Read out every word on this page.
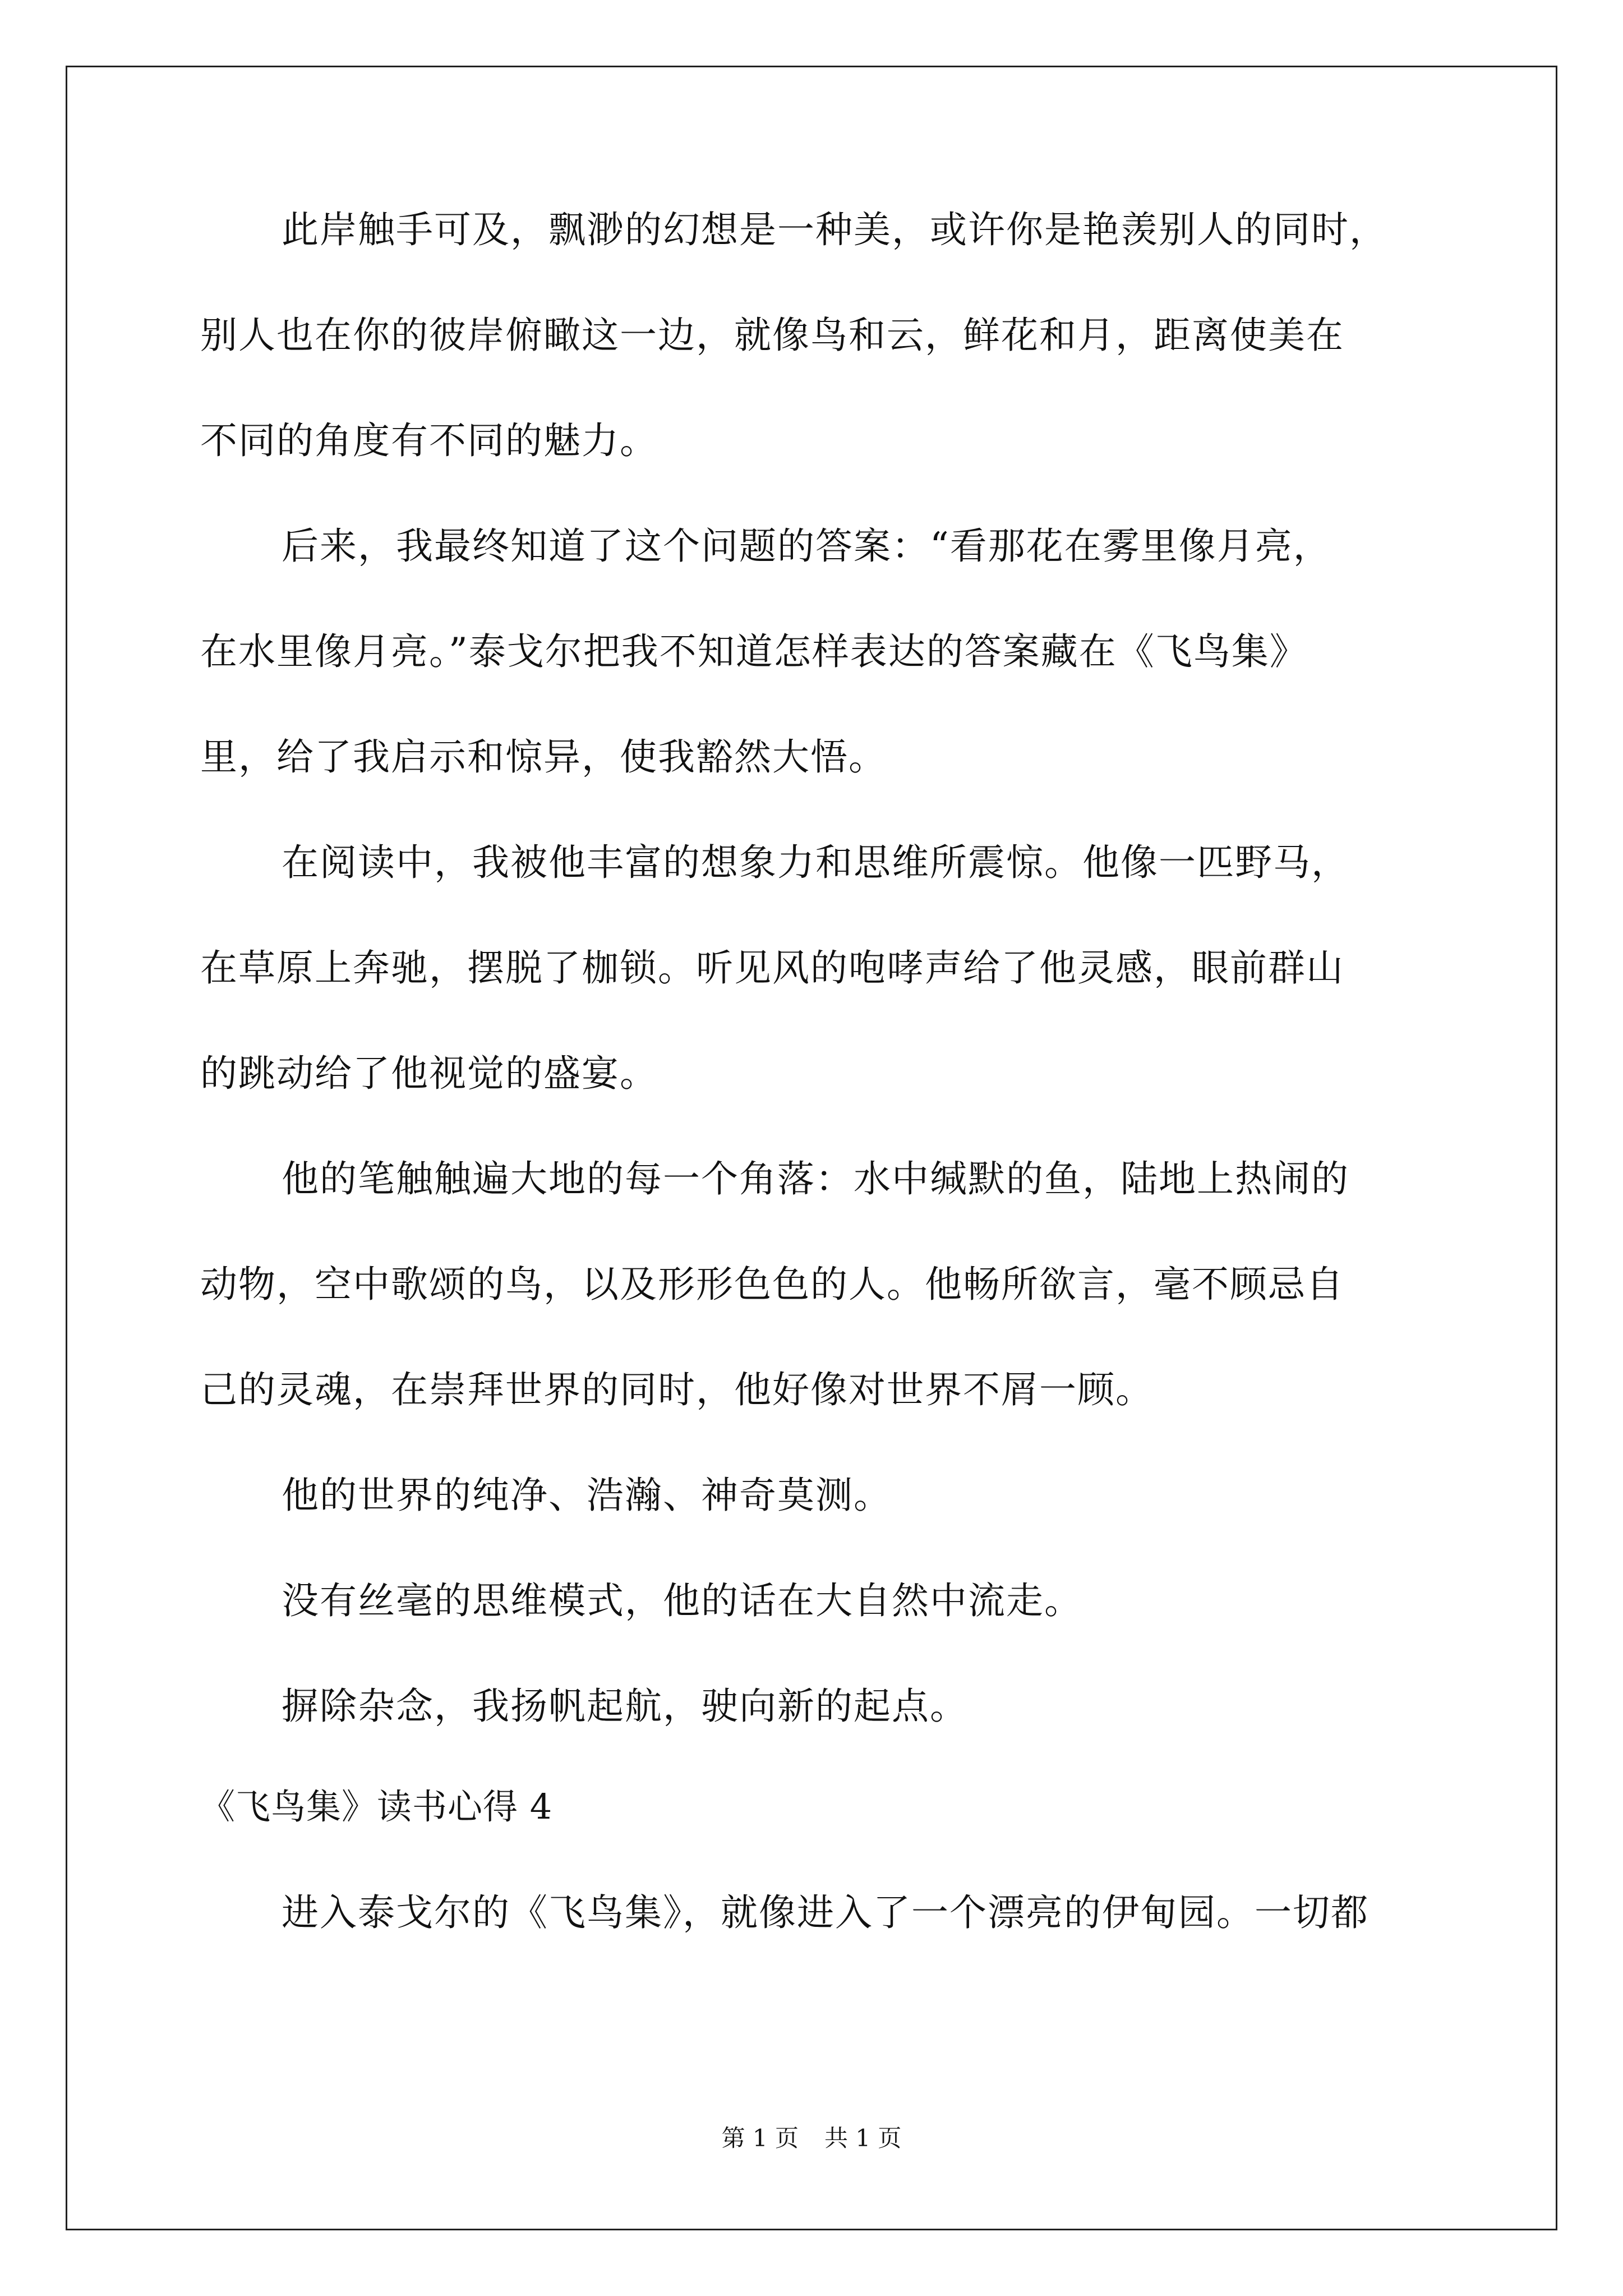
此岸触手可及，飘渺的幻想是一种美，或许你是艳羡别人的同时，
别人也在你的彼岸俯瞰这一边，就像鸟和云，鲜花和月，距离使美在
不同的角度有不同的魅力。
后来，我最终知道了这个问题的答案：“看那花在雾里像月亮，
在水里像月亮。”泰戈尔把我不知道怎样表达的答案藏在《飞鸟集》
里，给了我启示和惊异，使我豁然大悟。
在阅读中，我被他丰富的想象力和思维所震惊。他像一匹野马，
在草原上奔驰，摆脱了枷锁。听见风的咆哮声给了他灵感，眼前群山
的跳动给了他视觉的盛宴。
他的笔触触遍大地的每一个角落：水中缄默的鱼，陆地上热闹的
动物，空中歌颂的鸟，以及形形色色的人。他畅所欲言，毫不顾忌自
己的灵魂，在崇拜世界的同时，他好像对世界不屑一顾。
他的世界的纯净、浩瀚、神奇莫测。
没有丝毫的思维模式，他的话在大自然中流走。
摒除杂念，我扬帆起航，驶向新的起点。
《飞鸟集》读书心得 4
进入泰戈尔的《飞鸟集》，就像进入了一个漂亮的伊甸园。一切都
第 1 页 共 1 页
